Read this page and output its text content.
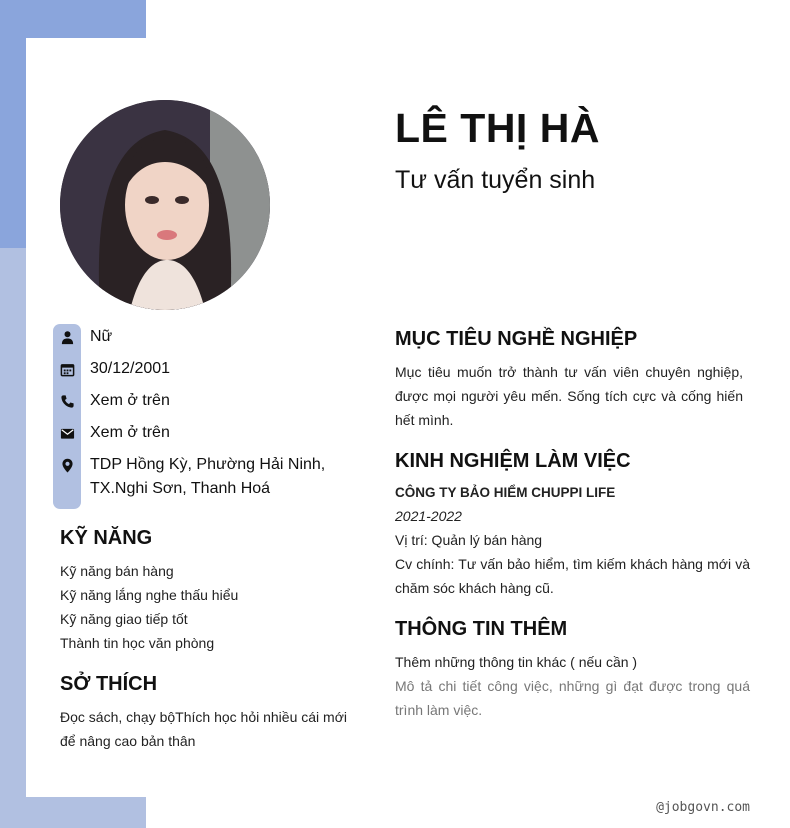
LÊ THỊ HÀ
Tư vấn tuyển sinh
Nữ
30/12/2001
Xem ở trên
Xem ở trên
TDP Hồng Kỳ, Phường Hải Ninh, TX.Nghi Sơn, Thanh Hoá
KỸ NĂNG
Kỹ năng bán hàng
Kỹ năng lắng nghe thấu hiểu
Kỹ năng giao tiếp tốt
Thành tin học văn phòng
SỞ THÍCH
Đọc sách, chạy bộThích học hỏi nhiều cái mới để nâng cao bản thân
MỤC TIÊU NGHỀ NGHIỆP
Mục tiêu muốn trở thành tư vấn viên chuyên nghiệp, được mọi người yêu mến. Sống tích cực và cống hiến hết mình.
KINH NGHIỆM LÀM VIỆC
CÔNG TY BẢO HIỂM CHUPPI LIFE
2021-2022
Vị trí: Quản lý bán hàng
Cv chính: Tư vấn bảo hiểm, tìm kiếm khách hàng mới và chăm sóc khách hàng cũ.
THÔNG TIN THÊM
Thêm những thông tin khác ( nếu cần )
Mô tả chi tiết công việc, những gì đạt được trong quá trình làm việc.
@jobgovn.com
